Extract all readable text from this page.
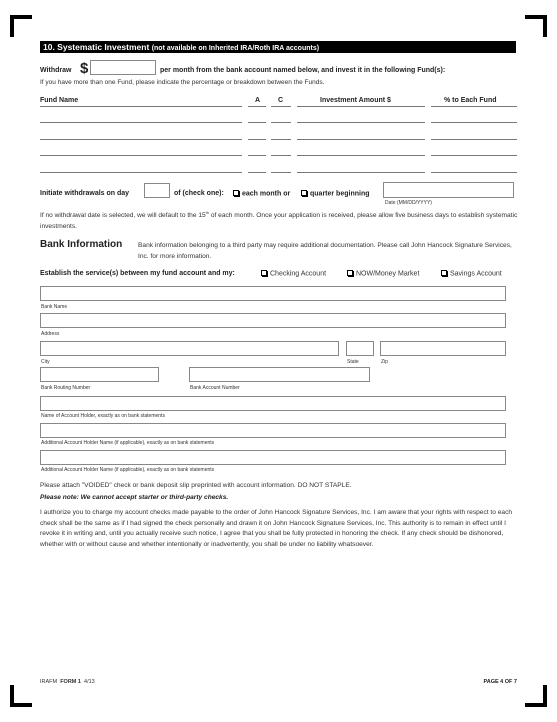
10. Systematic Investment (not available on Inherited IRA/Roth IRA accounts)
Withdraw $	per month from the bank account named below, and invest it in the following Fund(s):
If you have more than one Fund, please indicate the percentage or breakdown between the Funds.
Fund Name	A	C	Investment Amount $	% to Each Fund
Initiate withdrawals on day	of (check one):	each month or	quarter beginning
Date (MM/DD/YYYY)
If no withdrawal date is selected, we will default to the 15th of each month. Once your application is received, please allow five business days to establish systematic investments.
Bank Information Bank information belonging to a third party may require additional documentation. Please call John Hancock Signature Services, Inc. for more information.
Establish the service(s) between my fund account and my:	Checking Account	NOW/Money Market	Savings Account
Bank Name
Address
City	State	Zip
Bank Routing Number	Bank Account Number
Name of Account Holder, exactly as on bank statements
Additional Account Holder Name (if applicable), exactly as on bank statements
Additional Account Holder Name (if applicable), exactly as on bank statements
Please attach "VOIDED" check or bank deposit slip preprinted with account information. DO NOT STAPLE.
Please note: We cannot accept starter or third-party checks.
I authorize you to charge my account checks made payable to the order of John Hancock Signature Services, Inc. I am aware that your rights with respect to each check shall be the same as if I had signed the check personally and drawn it on John Hancock Signature Services, Inc. This authority is to remain in effect until I revoke it in writing and, until you actually receive such notice, I agree that you shall be fully protected in honoring the check. If any check should be dishonored, whether with or without cause and whether intentionally or inadvertently, you shall be under no liability whatsoever.
IRAFM FORM 1 4/13	PAGE 4 OF 7
